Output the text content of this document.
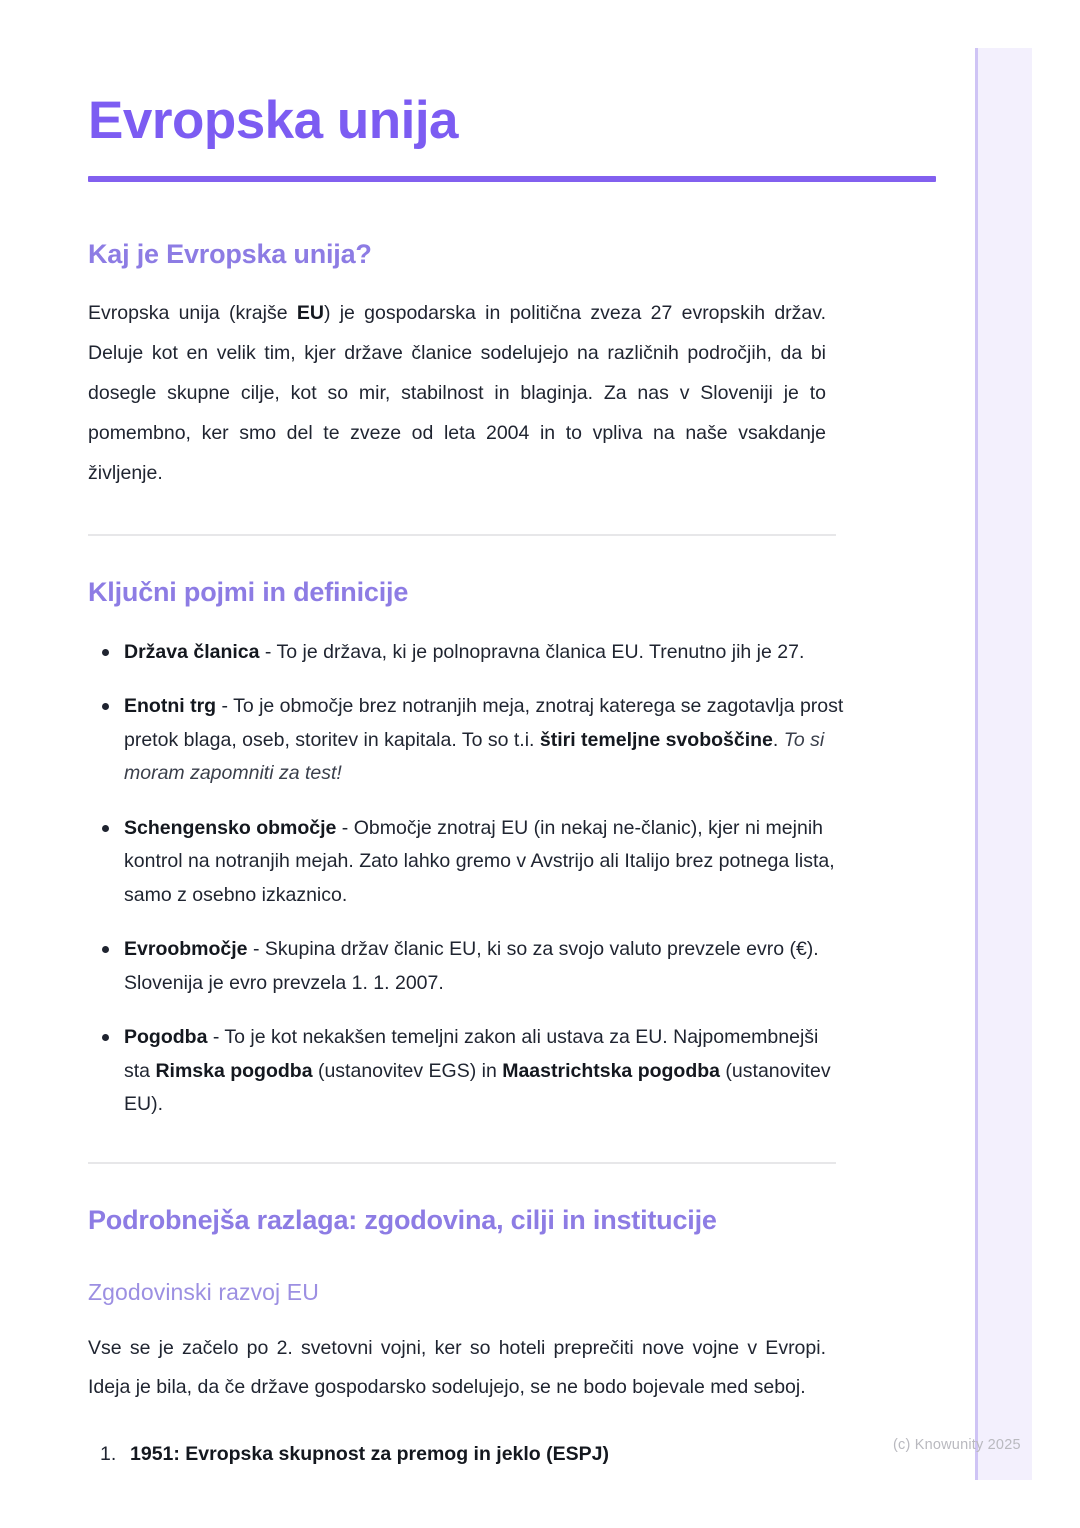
Evropska unija
Kaj je Evropska unija?

Evropska unija (krajše EU) je gospodarska in politična zveza 27 evropskih držav. Deluje kot en velik tim, kjer države članice sodelujejo na različnih področjih, da bi dosegle skupne cilje, kot so mir, stabilnost in blaginja. Za nas v Sloveniji je to pomembno, ker smo del te zveze od leta 2004 in to vpliva na naše vsakdanje življenje.

Ključni pojmi in definicije
Država članica - To je država, ki je polnopravna članica EU. Trenutno jih je 27.
Enotni trg - To je območje brez notranjih meja, znotraj katerega se zagotavlja prost pretok blaga, oseb, storitev in kapitala. To so t.i. štiri temeljne svoboščine. To si moram zapomniti za test!
Schengensko območje - Območje znotraj EU (in nekaj ne-članic), kjer ni mejnih kontrol na notranjih mejah. Zato lahko gremo v Avstrijo ali Italijo brez potnega lista, samo z osebno izkaznico.
Evroobmočje - Skupina držav članic EU, ki so za svojo valuto prevzele evro (€). Slovenija je evro prevzela 1. 1. 2007.
Pogodba - To je kot nekakšen temeljni zakon ali ustava za EU. Najpomembnejši sta Rimska pogodba (ustanovitev EGS) in Maastrichtska pogodba (ustanovitev EU).
Podrobnejša razlaga: zgodovina, cilji in institucije
Zgodovinski razvoj EU

Vse se je začelo po 2. svetovni vojni, ker so hoteli preprečiti nove vojne v Evropi. Ideja je bila, da če države gospodarsko sodelujejo, se ne bodo bojevale med seboj.

1. 1951: Evropska skupnost za premog in jeklo (ESPJ)	(c) Knowunity 2025
